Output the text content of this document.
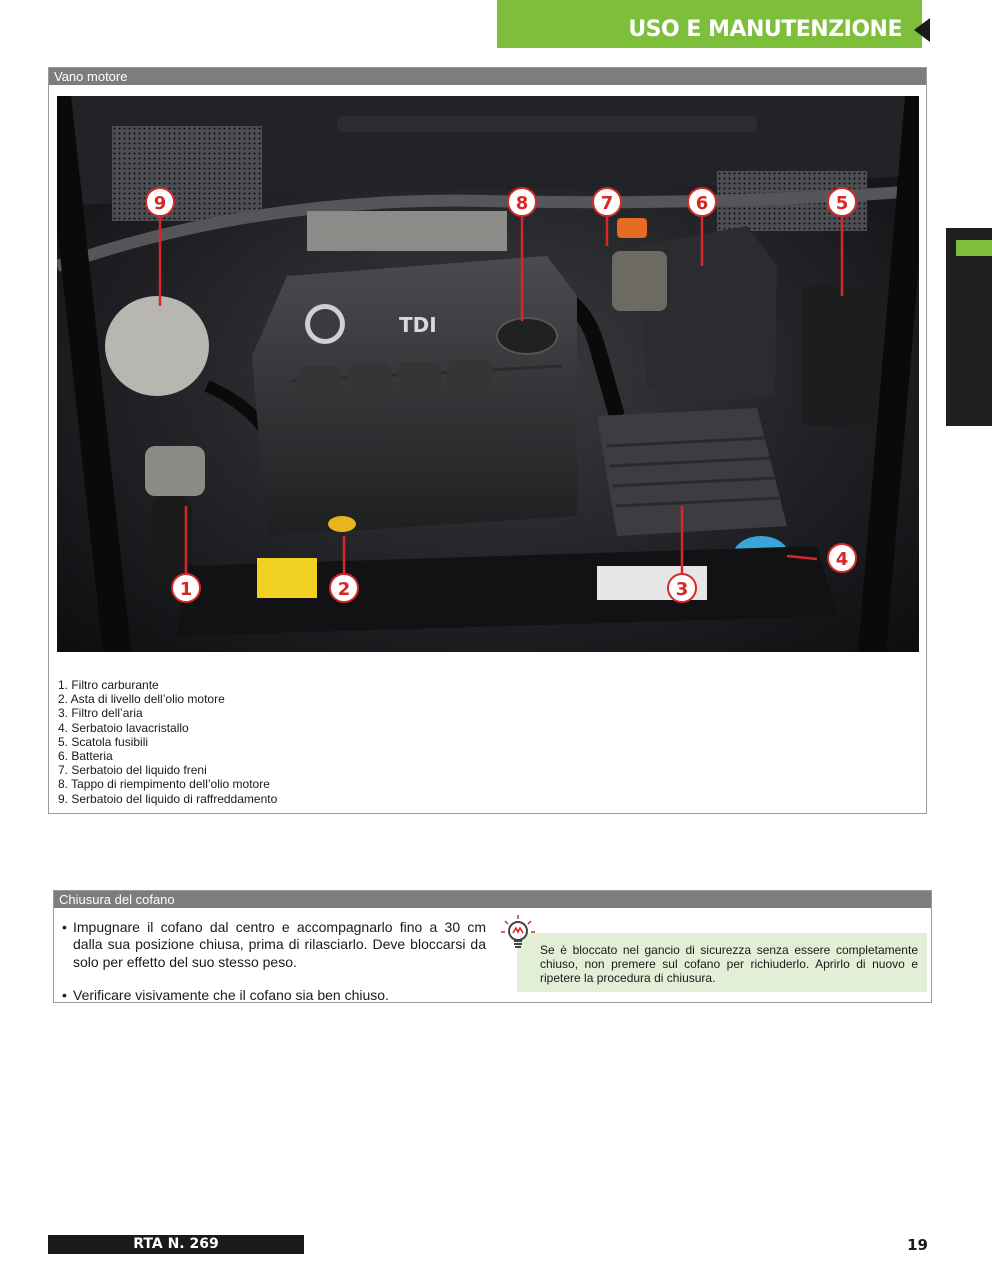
USO E MANUTENZIONE
Vano motore
TDI
1	2	3
4
5
6
7
8
9
1. Filtro carburante
2. Asta di livello dell’olio motore
3. Filtro dell’aria
4. Serbatoio lavacristallo
5. Scatola fusibili
6. Batteria
7. Serbatoio del liquido freni
8. Tappo di riempimento dell’olio motore
9. Serbatoio del liquido di raffreddamento
Chiusura del cofano
• Impugnare il cofano dal centro e accompagnarlo fino a 30 cm dalla sua posizione chiusa, prima di rilasciarlo. Deve bloccarsi da solo per effetto del suo stesso peso.
• Verificare visivamente che il cofano sia ben chiuso.
Se è bloccato nel gancio di sicurezza senza essere completamente chiuso, non premere sul cofano per richiuderlo. Aprirlo di nuovo e ripetere la procedura di chiusura.
RTA N. 269	19
